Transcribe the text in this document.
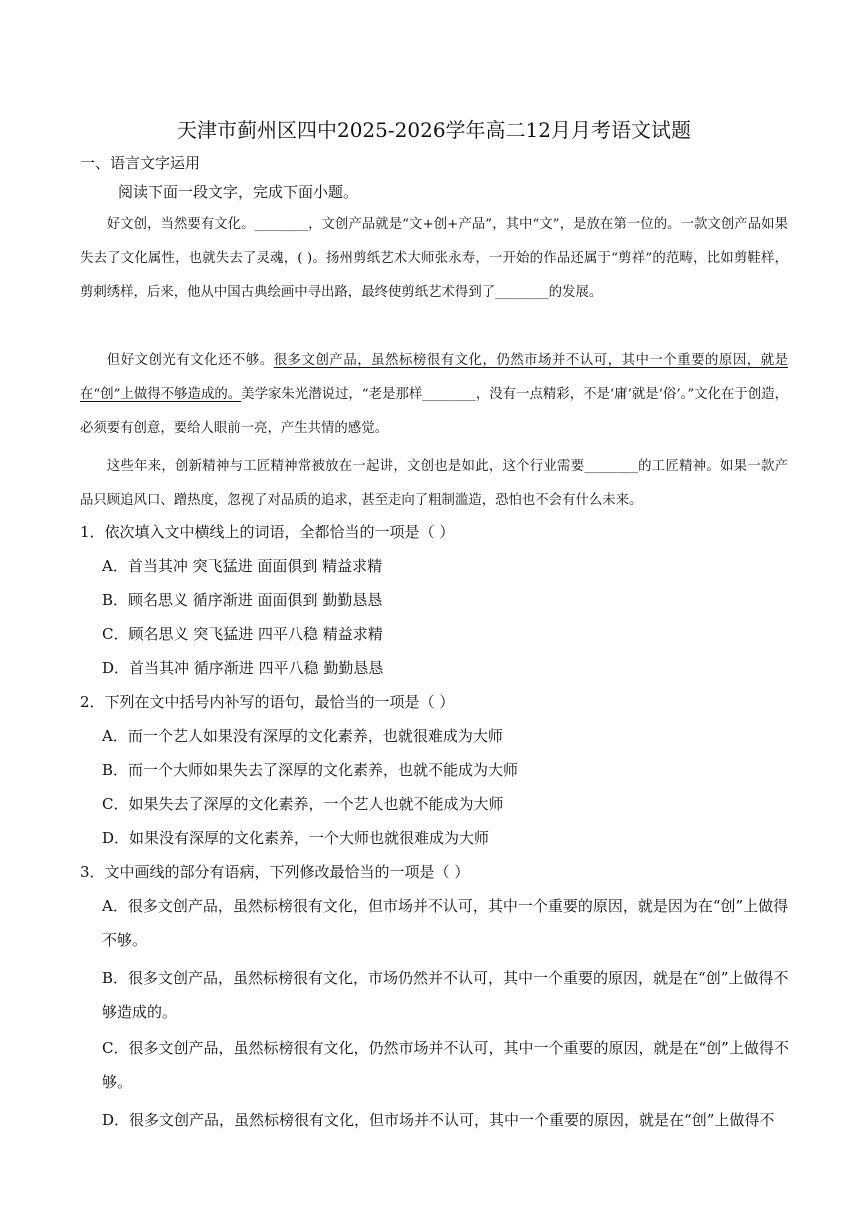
天津市蓟州区四中2025-2026学年高二12月月考语文试题
一、语言文字运用
阅读下面一段文字，完成下面小题。
好文创，当然要有文化。________，文创产品就是“文+创+产品”，其中“文”，是放在第一位的。一款文创产品如果失去了文化属性，也就失去了灵魂，( )。扬州剪纸艺术大师张永寿，一开始的作品还属于“剪祥”的范畴，比如剪鞋样，剪刺绣样，后来，他从中国古典绘画中寻出路，最终使剪纸艺术得到了________的发展。
但好文创光有文化还不够。很多文创产品，虽然标榜很有文化，仍然市场并不认可，其中一个重要的原因，就是在“创”上做得不够造成的。美学家朱光潜说过，“老是那样________，没有一点精彩，不是‘庸’就是‘俗’。”文化在于创造，必须要有创意，要给人眼前一亮，产生共情的感觉。
这些年来，创新精神与工匠精神常被放在一起讲，文创也是如此，这个行业需要________的工匠精神。如果一款产品只顾追风口、蹭热度，忽视了对品质的追求，甚至走向了粗制滥造，恐怕也不会有什么未来。
1．依次填入文中横线上的词语，全都恰当的一项是（ ）
A．首当其冲 突飞猛进 面面俱到 精益求精
B．顾名思义 循序渐进 面面俱到 勤勤恳恳
C．顾名思义 突飞猛进 四平八稳 精益求精
D．首当其冲 循序渐进 四平八稳 勤勤恳恳
2．下列在文中括号内补写的语句，最恰当的一项是（ ）
A．而一个艺人如果没有深厚的文化素养，也就很难成为大师
B．而一个大师如果失去了深厚的文化素养，也就不能成为大师
C．如果失去了深厚的文化素养，一个艺人也就不能成为大师
D．如果没有深厚的文化素养，一个大师也就很难成为大师
3．文中画线的部分有语病，下列修改最恰当的一项是（ ）
A．很多文创产品，虽然标榜很有文化，但市场并不认可，其中一个重要的原因，就是因为在“创”上做得不够。
B．很多文创产品，虽然标榜很有文化，市场仍然并不认可，其中一个重要的原因，就是在“创”上做得不够造成的。
C．很多文创产品，虽然标榜很有文化，仍然市场并不认可，其中一个重要的原因，就是在“创”上做得不够。
D．很多文创产品，虽然标榜很有文化，但市场并不认可，其中一个重要的原因，就是在“创”上做得不
